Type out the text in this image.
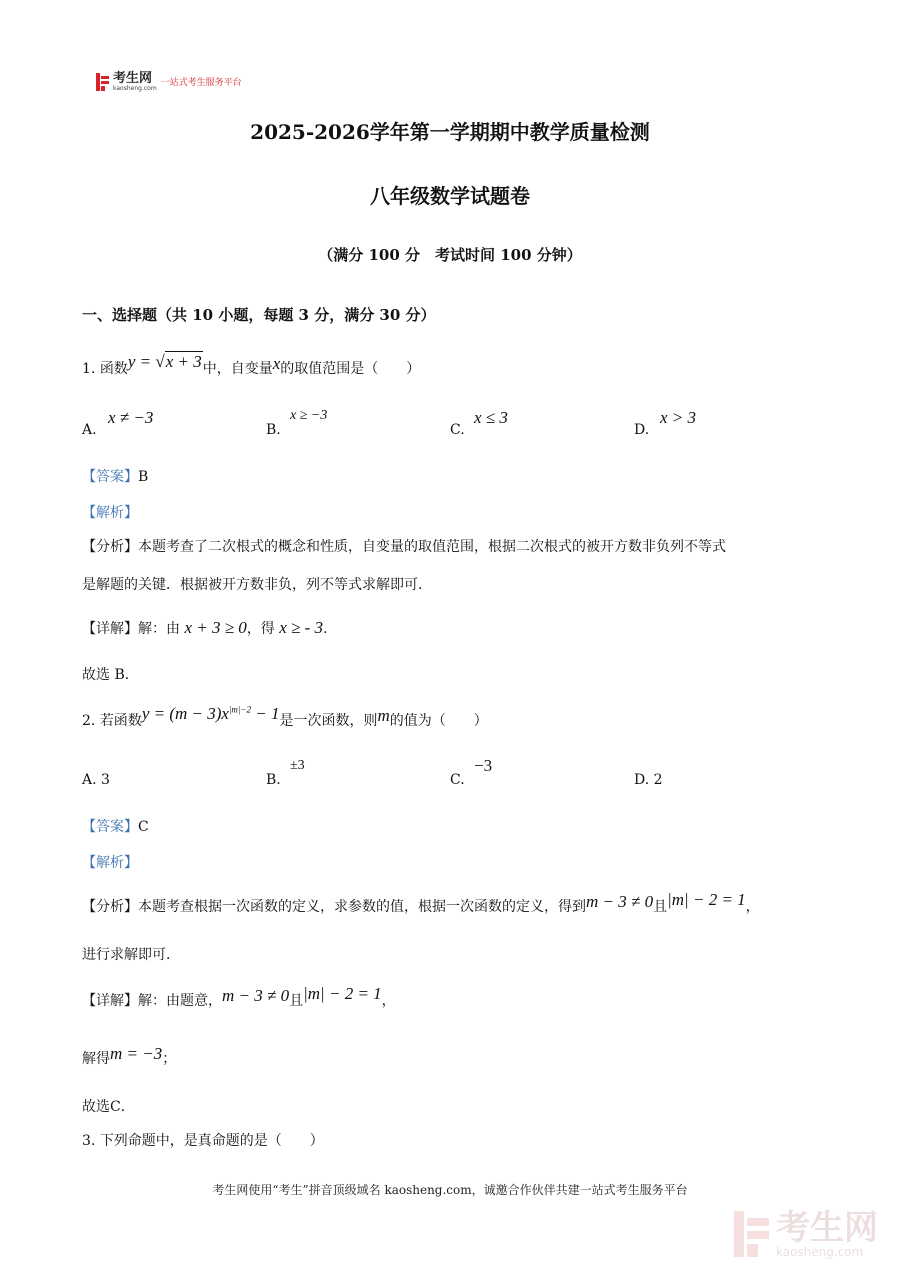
考生网
kaosheng.com
一站式考生服务平台
2025-2026学年第一学期期中教学质量检测
八年级数学试题卷
（满分 100 分　考试时间 100 分钟）
一、选择题（共 10 小题，每题 3 分，满分 30 分）
1. 函数y = √x + 3中，自变量x的取值范围是（　　）
A.
x ≠ −3
B.
x ≥ −3
C.
x ≤ 3
D.
x > 3
【答案】B
【解析】
【分析】本题考查了二次根式的概念和性质，自变量的取值范围，根据二次根式的被开方数非负列不等式
是解题的关键．根据被开方数非负，列不等式求解即可．
【详解】解：由 x + 3 ≥ 0，得 x ≥ - 3．
故选 B．
2. 若函数$y = (m - 3)x^{|m|-2} - 1$是一次函数，则m的值为（　　）
A. 3	B.
±3
C.
−3
D. 2
【答案】C
【解析】
【分析】本题考查根据一次函数的定义，求参数的值，根据一次函数的定义，得到m − 3 ≠ 0且|m| − 2 = 1，
进行求解即可．
【详解】解：由题意，m − 3 ≠ 0且|m| − 2 = 1，
解得m = −3；
故选C．
3. 下列命题中，是真命题的是（　　）
考生网使用“考生”拼音顶级域名 kaosheng.com，诚邀合作伙伴共建一站式考生服务平台
考生网
kaosheng.com
